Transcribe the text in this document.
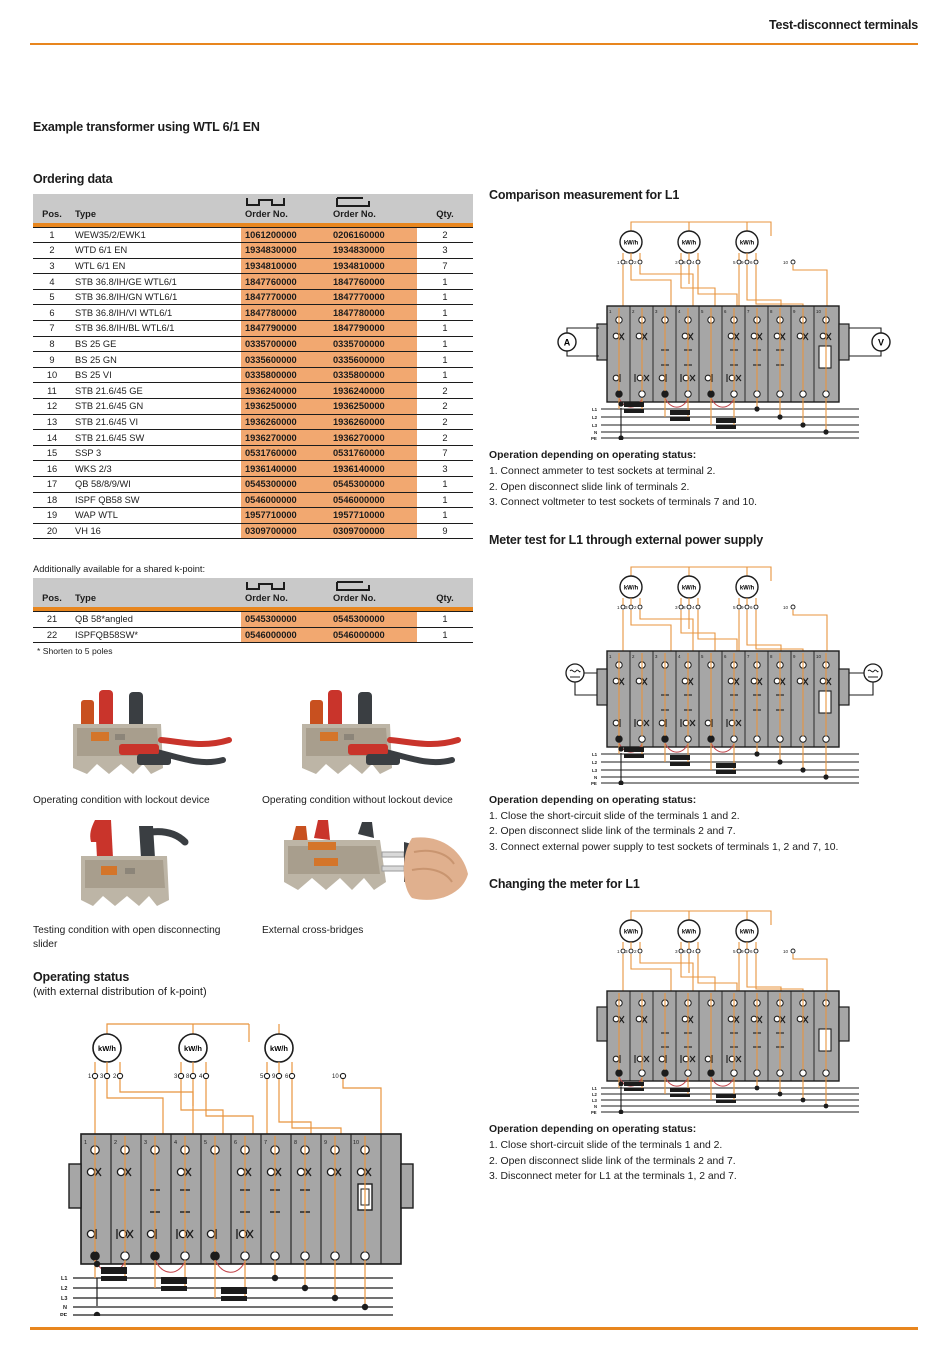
Test-disconnect terminals
Example transformer using WTL 6/1 EN
Ordering data

Pos.	Type	Order No.	Order No.	Qty.
1	WEW35/2/EWK1	1061200000	0206160000	2
2	WTD 6/1 EN	1934830000	1934830000	3
3	WTL 6/1 EN	1934810000	1934810000	7
4	STB 36.8/IH/GE WTL6/1	1847760000	1847760000	1
5	STB 36.8/IH/GN WTL6/1	1847770000	1847770000	1
6	STB 36.8/IH/VI WTL6/1	1847780000	1847780000	1
7	STB 36.8/IH/BL WTL6/1	1847790000	1847790000	1
8	BS 25 GE	0335700000	0335700000	1
9	BS 25 GN	0335600000	0335600000	1
10	BS 25 VI	0335800000	0335800000	1
11	STB 21.6/45 GE	1936240000	1936240000	2
12	STB 21.6/45 GN	1936250000	1936250000	2
13	STB 21.6/45 VI	1936260000	1936260000	2
14	STB 21.6/45 SW	1936270000	1936270000	2
15	SSP 3	0531760000	0531760000	7
16	WKS 2/3	1936140000	1936140000	3
17	QB 58/8/9/WI	0545300000	0545300000	1
18	ISPF QB58 SW	0546000000	0546000000	1
19	WAP WTL	1957710000	1957710000	1
20	VH 16	0309700000	0309700000	9

Additionally available for a shared k-point:

Pos.	Type	Order No.	Order No.	Qty.
21	QB 58*angled	0545300000	0545300000	1
22	ISPFQB58SW*	0546000000	0546000000	1
* Shorten to 5 poles				

Operating condition with lockout device	Operating condition without lockout device
Testing condition with open disconnecting slider
External cross-bridges
Operating status
(with external distribution of k-point)
kW/h	kW/h	kW/h
1 3 2	3 8 4	5 9 6	10
1	2	3	4	5	6	7	8	9	10
L1
L2
L3
N
PE
Comparison measurement for L1
kW/h	kW/h	kW/h
1 3 2	3 8 4	5 9 6	10
1	2	3	4	5	6	7	8	9	10
A	V
L1
L2
L3
N
PE
Operation depending on operating status:
1. Connect ammeter to test sockets at terminal 2.
2. Open disconnect slide link of terminals 2.
3. Connect voltmeter to test sockets of terminals 7 and 10.
Meter test for L1 through external power supply
kW/h	kW/h	kW/h
1 3 2	3 8 4	5 9 6	10
1	2	3	4	5	6	7	8	9	10
L1
L2
L3
N
PE
Operation depending on operating status:
1. Close the short-circuit slide of the terminals 1 and 2.
2. Open disconnect slide link of the terminals 2 and 7.
3. Connect external power supply to test sockets of terminals 1, 2 and 7, 10.
Changing the meter for L1
kW/h	kW/h	kW/h
1 3 2	3 8 4	5 9 6	10
L1
L2
L3
N
PE
Operation depending on operating status:
1. Close short-circuit slide of the terminals 1 and 2.
2. Open disconnect slide link of the terminals 2 and 7.
3. Disconnect meter for L1 at the terminals 1, 2 and 7.
